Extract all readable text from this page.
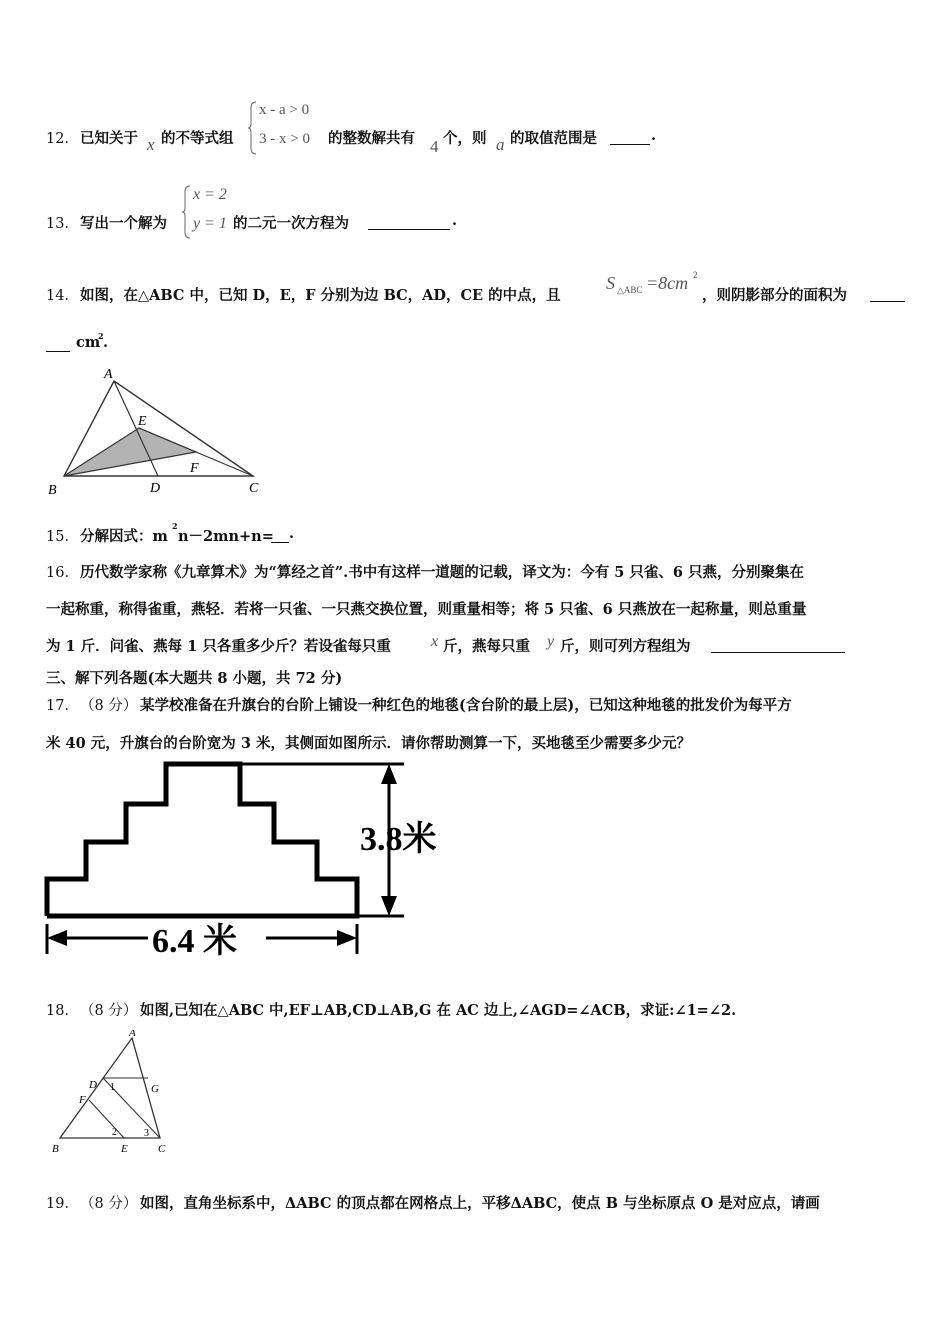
12． 已知关于 x 的不等式组
x - a > 0
3 - x > 0 的整数解共有 4 个，则 a 的取值范围是	.
13． 写出一个解为
x = 2
y = 1 的二元一次方程为	.
14． 如图，在△ABC 中，已知 D，E，F 分别为边 BC，AD，CE 的中点，且
S △ABC =8cm 2
，则阴影部分的面积为
cm
2 .
A
B	C
D
E
F
15． 分解因式：m
2
n－2mn+n= .
16． 历代数学家称《九章算术》为“算经之首”.书中有这样一道题的记载，译文为：今有 5 只雀、6 只燕，分别聚集在
一起称重，称得雀重，燕轻．若将一只雀、一只燕交换位置，则重量相等；将 5 只雀、6 只燕放在一起称量，则总重量
为 1 斤．问雀、燕每 1 只各重多少斤？若设雀每只重	x 斤，燕每只重 y 斤，则可列方程组为
三、解下列各题(本大题共 8 小题，共 72 分)
17． （8 分） 某学校准备在升旗台的台阶上铺设一种红色的地毯(含台阶的最上层)，已知这种地毯的批发价为每平方
米 40 元，升旗台的台阶宽为 3 米，其侧面如图所示．请你帮助测算一下，买地毯至少需要多少元？
3.8米
6.4 米
18． （8 分） 如图,已知在△ABC 中,EF⊥AB,CD⊥AB,G 在 AC 边上,∠AGD=∠ACB，求证:∠1=∠2.
A
B	C
D
E
F
G
1
2	3
19． （8 分） 如图，直角坐标系中，ΔABC 的顶点都在网格点上，平移ΔABC，使点 B 与坐标原点 O 是对应点，请画
